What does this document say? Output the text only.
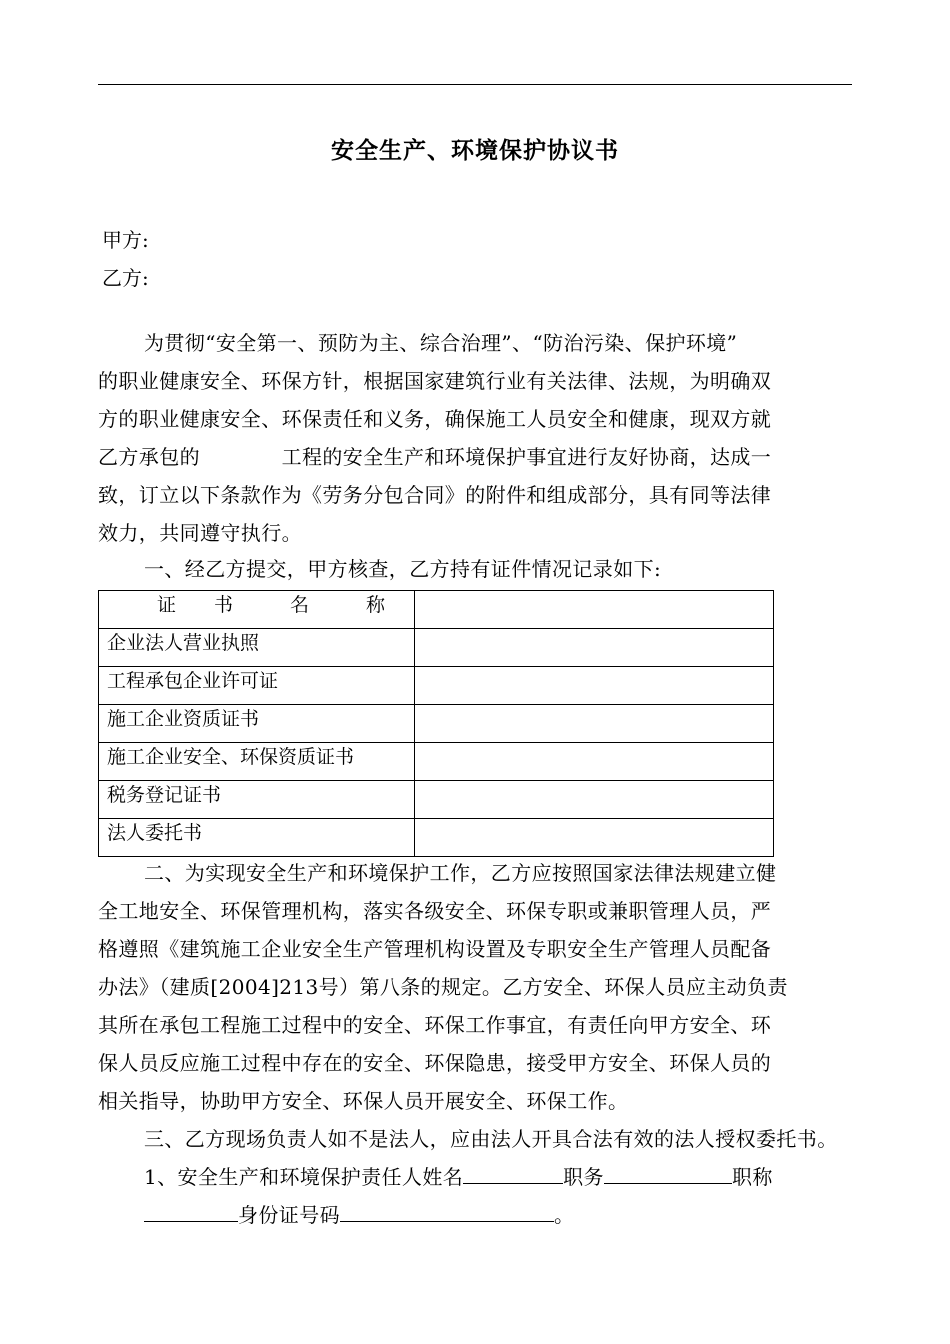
安全生产、环境保护协议书
甲方:
乙方:
为贯彻“安全第一、预防为主、综合治理”、“防治污染、保护环境”
的职业健康安全、环保方针，根据国家建筑行业有关法律、法规，为明确双
方的职业健康安全、环保责任和义务，确保施工人员安全和健康，现双方就
乙方承包的　　　　工程的安全生产和环境保护事宜进行友好协商，达成一
致，订立以下条款作为《劳务分包合同》的附件和组成部分，具有同等法律
效力，共同遵守执行。
一、经乙方提交，甲方核查，乙方持有证件情况记录如下:
证　　书　　　名　　　称	
企业法人营业执照	
工程承包企业许可证	
施工企业资质证书	
施工企业安全、环保资质证书	
税务登记证书	
法人委托书	
二、为实现安全生产和环境保护工作，乙方应按照国家法律法规建立健
全工地安全、环保管理机构，落实各级安全、环保专职或兼职管理人员，严
格遵照《建筑施工企业安全生产管理机构设置及专职安全生产管理人员配备
办法》（建质[2004]213号）第八条的规定。乙方安全、环保人员应主动负责
其所在承包工程施工过程中的安全、环保工作事宜，有责任向甲方安全、环
保人员反应施工过程中存在的安全、环保隐患，接受甲方安全、环保人员的
相关指导，协助甲方安全、环保人员开展安全、环保工作。
三、乙方现场负责人如不是法人，应由法人开具合法有效的法人授权委托书。
1、安全生产和环境保护责任人姓名	职务	职称
身份证号码	。
